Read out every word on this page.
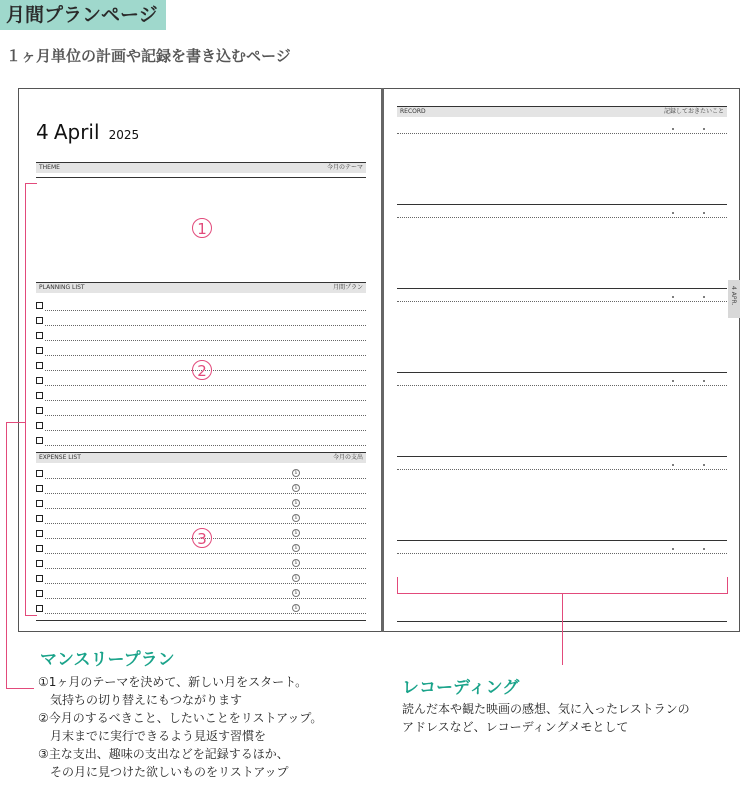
月間プランページ
１ヶ月単位の計画や記録を書き込むページ
4 April 2025
THEME	今月のテーマ
PLANNING LIST	月間プラン
EXPENSE LIST	今月の支出
￥
￥
￥
￥
￥
￥
￥
￥
￥
￥
1
2
3
RECORD	記録しておきたいこと
4 APR.
マンスリープラン
①1ヶ月のテーマを決めて、新しい月をスタート。
　気持ちの切り替えにもつながります
②今月のするべきこと、したいことをリストアップ。
　月末までに実行できるよう見返す習慣を
③主な支出、趣味の支出などを記録するほか、
　その月に見つけた欲しいものをリストアップ
レコーディング
読んだ本や観た映画の感想、気に入ったレストランの
アドレスなど、レコーディングメモとして
